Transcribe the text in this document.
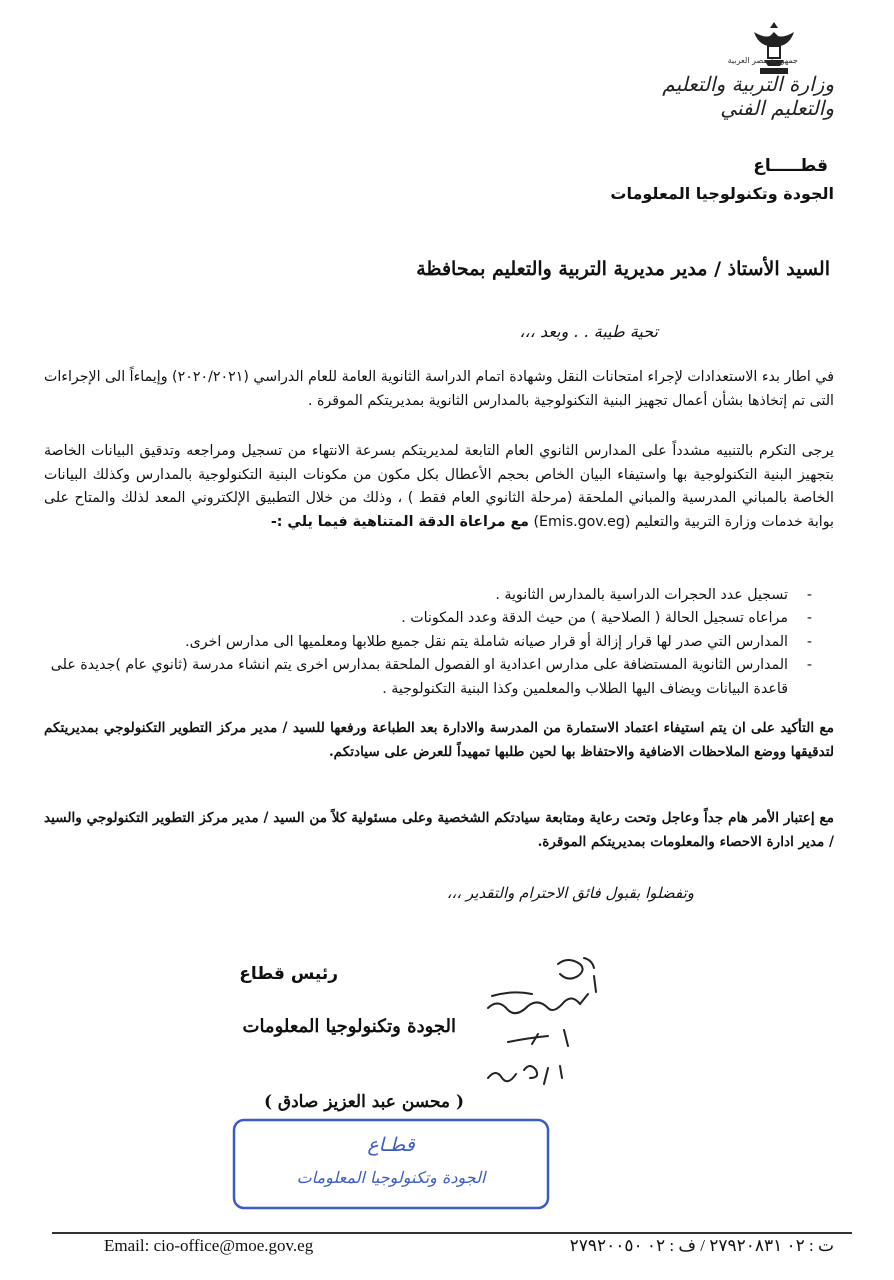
جمهورية مصر العربية
وزارة التربية والتعليم والتعليم الفني
قطـــــاع
الجودة وتكنولوجيا المعلومات
السيد الأستاذ / مدير مديرية التربية والتعليم بمحافظة
تحية طيبة . . وبعد ،،،
في اطار بدء الاستعدادات لإجراء امتحانات النقل وشهادة اتمام الدراسة الثانوية العامة للعام الدراسي (٢٠٢٠/٢٠٢١) وإيماءاً الى الإجراءات التى تم إتخاذها بشأن أعمال تجهيز البنية التكنولوجية بالمدارس الثانوية بمديريتكم الموقرة .
يرجى التكرم بالتنبيه مشدداً على المدارس الثانوي العام التابعة لمديريتكم بسرعة الانتهاء من تسجيل ومراجعه وتدقيق البيانات الخاصة بتجهيز البنية التكنولوجية بها واستيفاء البيان الخاص بحجم الأعطال بكل مكون من مكونات البنية التكنولوجية بالمدارس وكذلك البيانات الخاصة بالمباني المدرسية والمباني الملحقة (مرحلة الثانوي العام فقط ) ، وذلك من خلال التطبيق الإلكتروني المعد لذلك والمتاح على بوابة خدمات وزارة التربية والتعليم (Emis.gov.eg) مع مراعاة الدقة المتناهية فيما يلي :-
- تسجيل عدد الحجرات الدراسية بالمدارس الثانوية .
- مراعاه تسجيل الحالة ( الصلاحية ) من حيث الدقة وعدد المكونات .
- المدارس التي صدر لها قرار إزالة أو قرار صيانه شاملة يتم نقل جميع طلابها ومعلميها الى مدارس اخرى.
- المدارس الثانوية المستضافة على مدارس اعدادية او الفصول الملحقة بمدارس اخرى يتم انشاء مدرسة (ثانوي عام )جديدة على قاعدة البيانات ويضاف اليها الطلاب والمعلمين وكذا البنية التكنولوجية .
مع التأكيد على ان يتم استيفاء اعتماد الاستمارة من المدرسة والادارة بعد الطباعة ورفعها للسيد / مدير مركز التطوير التكنولوجي بمديريتكم لتدقيقها ووضع الملاحظات الاضافية والاحتفاظ بها لحين طلبها تمهيداً للعرض على سيادتكم.
مع إعتبار الأمر هام جداً وعاجل وتحت رعاية ومتابعة سيادتكم الشخصية وعلى مسئولية كلاً من السيد / مدير مركز التطوير التكنولوجي والسيد / مدير ادارة الاحصاء والمعلومات بمديريتكم الموقرة.
وتفضلوا بقبول فائق الاحترام والتقدير ،،،
رئيس قطاع
الجودة وتكنولوجيا المعلومات
( محسن عبد العزيز صادق )
قطـاع
الجودة وتكنولوجيا المعلومات
Email: cio-office@moe.gov.eg	ت : ٠٢ ٢٧٩٢٠٨٣١ / ف : ٠٢ ٢٧٩٢٠٠٥٠
